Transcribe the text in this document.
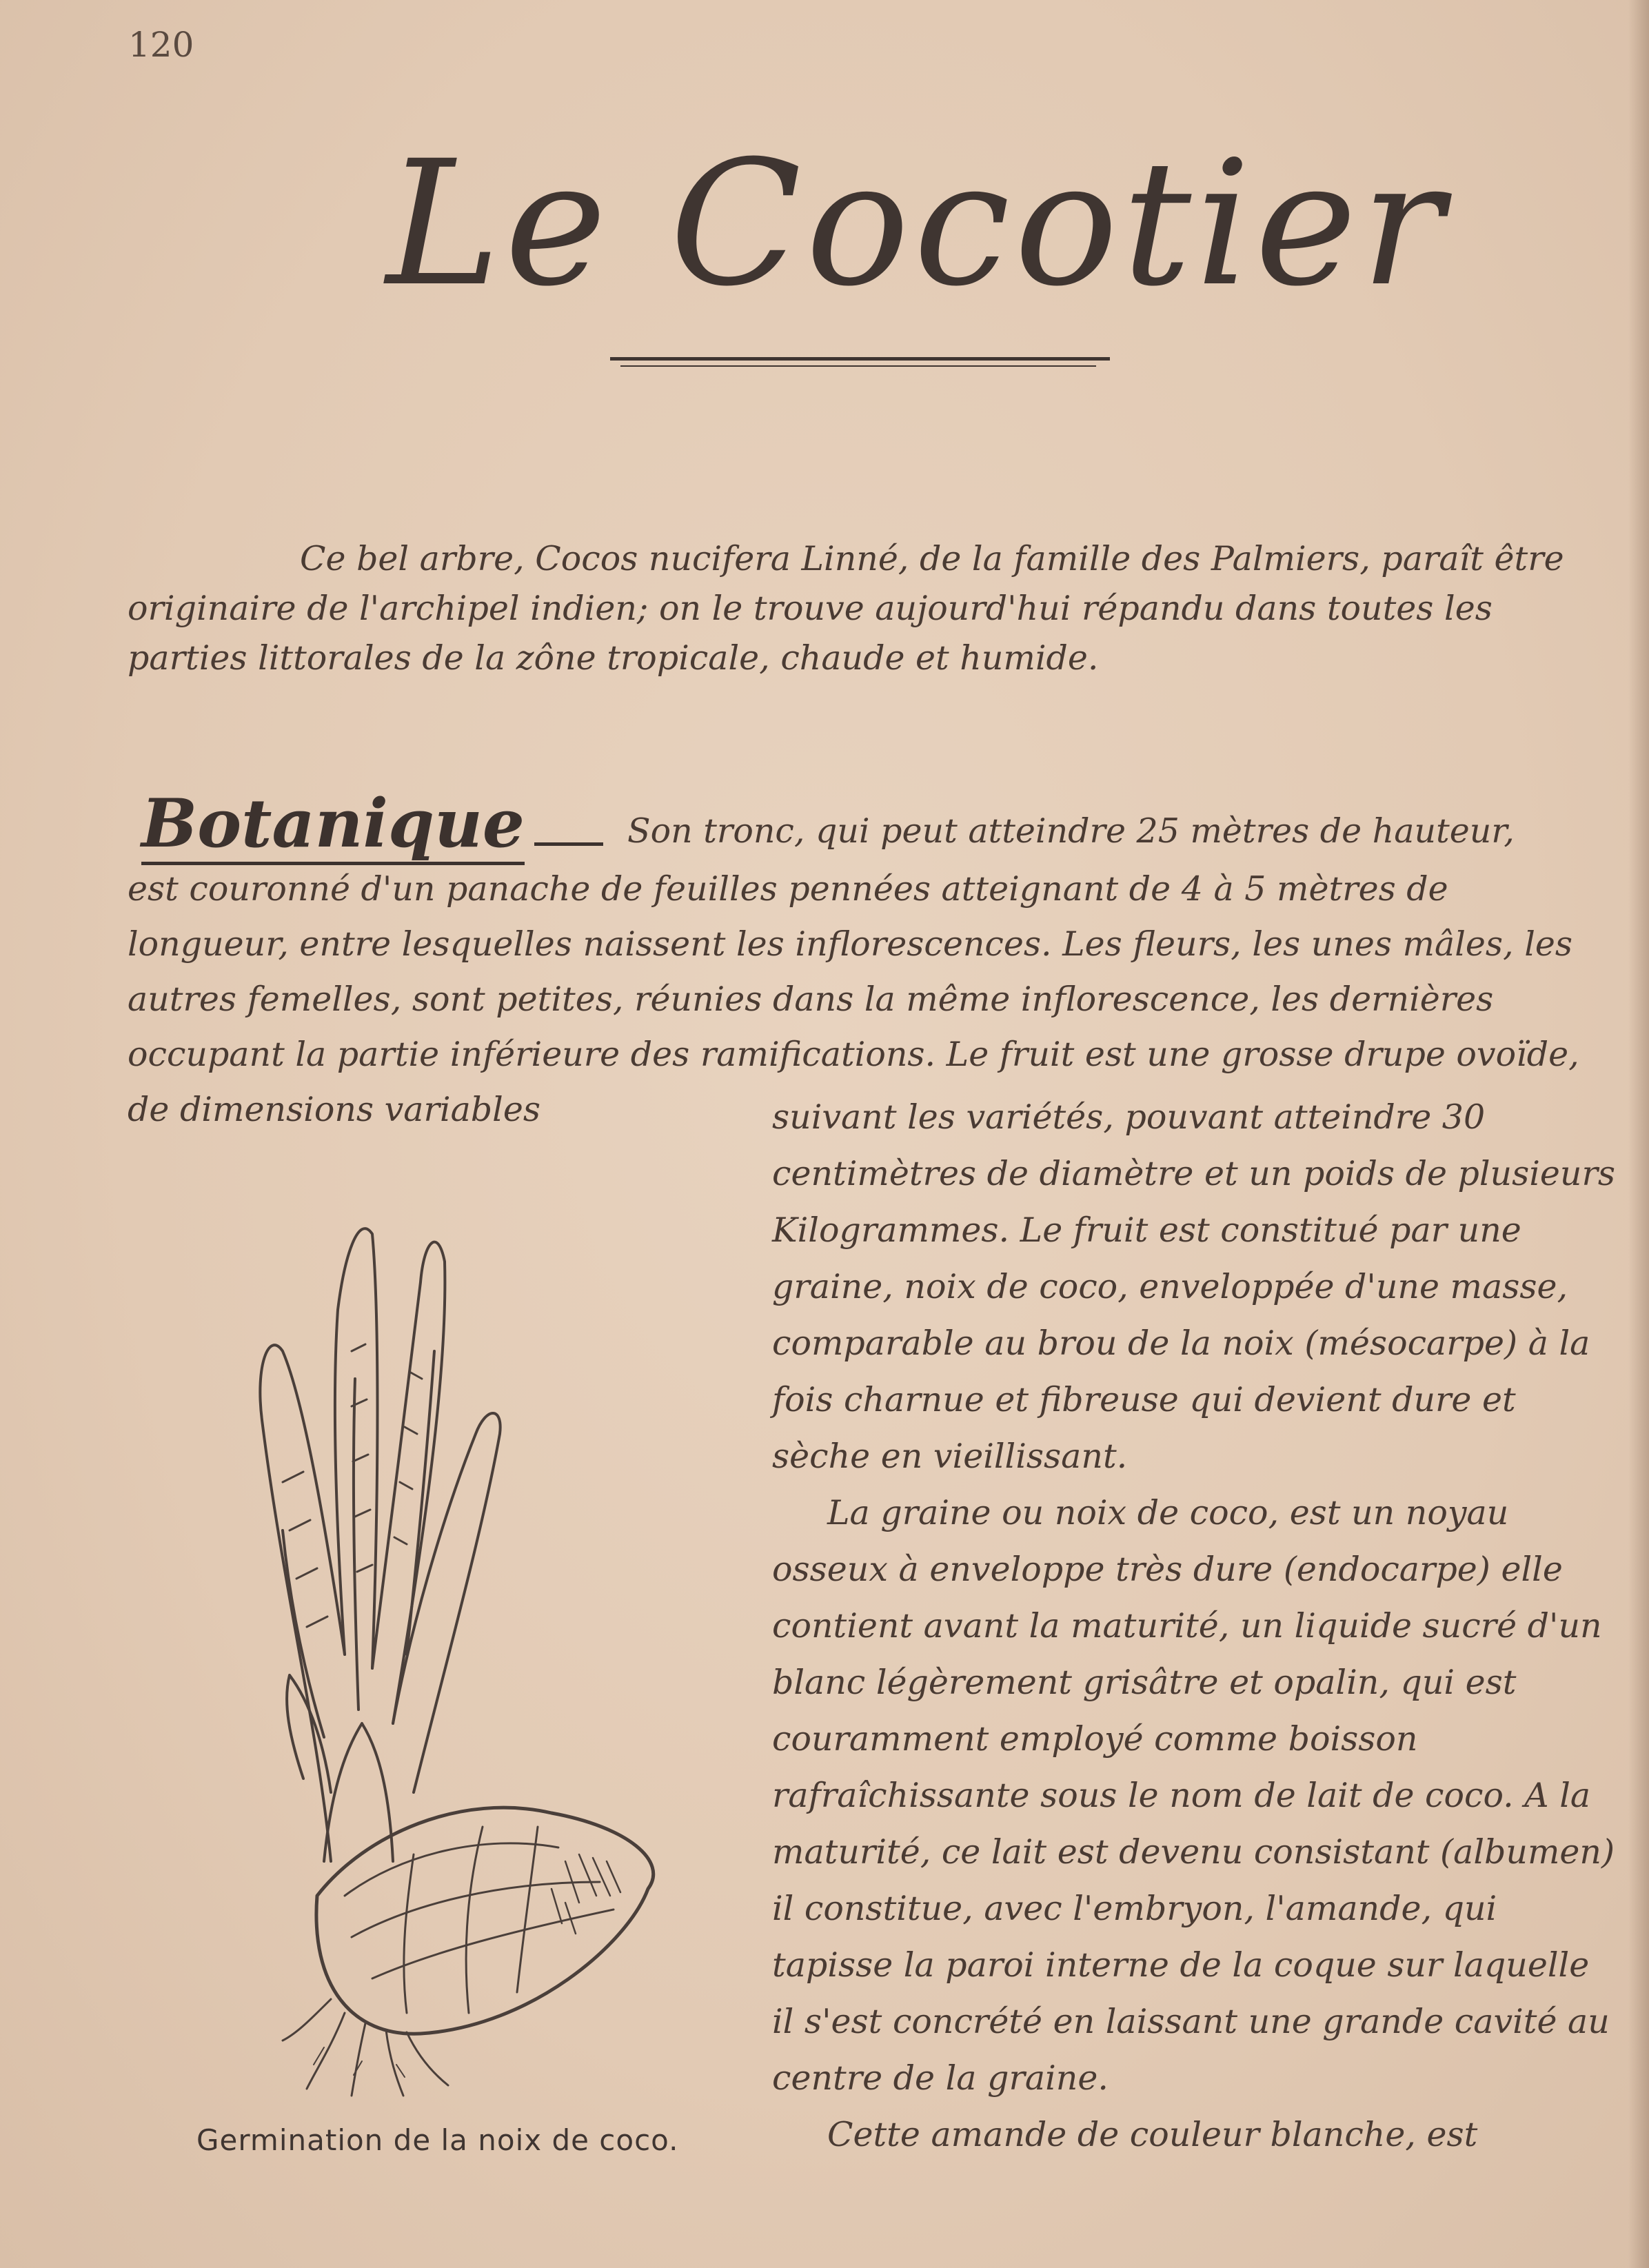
120
Le Cocotier
Ce bel arbre, Cocos nucifera Linné, de la famille des Palmiers, paraît être originaire de l'archipel indien; on le trouve aujourd'hui répandu dans toutes les parties littorales de la zône tropicale, chaude et humide.
Botanique	Son tronc, qui peut atteindre 25 mètres de hauteur,
est couronné d'un panache de feuilles pennées atteignant de 4 à 5 mètres de longueur, entre lesquelles naissent les inflorescences. Les fleurs, les unes mâles, les autres femelles, sont petites, réunies dans la même inflorescence, les dernières occupant la partie inférieure des ramifications. Le fruit est une grosse drupe ovoïde, de dimensions variables	suivant les variétés, pouvant atteindre 30 centimètres de diamètre et un poids de plusieurs Kilogrammes. Le fruit est constitué par une graine, noix de coco, enveloppée d'une masse, comparable au brou de la noix (mésocarpe) à la fois charnue et fibreuse qui devient dure et sèche en vieillissant.

La graine ou noix de coco, est un noyau osseux à enveloppe très dure (endocarpe) elle contient avant la maturité, un liquide sucré d'un blanc légèrement grisâtre et opalin, qui est couramment employé comme boisson rafraîchissante sous le nom de lait de coco. A la maturité, ce lait est devenu consistant (albumen) il constitue, avec l'embryon, l'amande, qui tapisse la paroi interne de la coque sur laquelle il s'est concrété en laissant une grande cavité au centre de la graine.

Cette amande de couleur blanche, est

Germination de la noix de coco.
